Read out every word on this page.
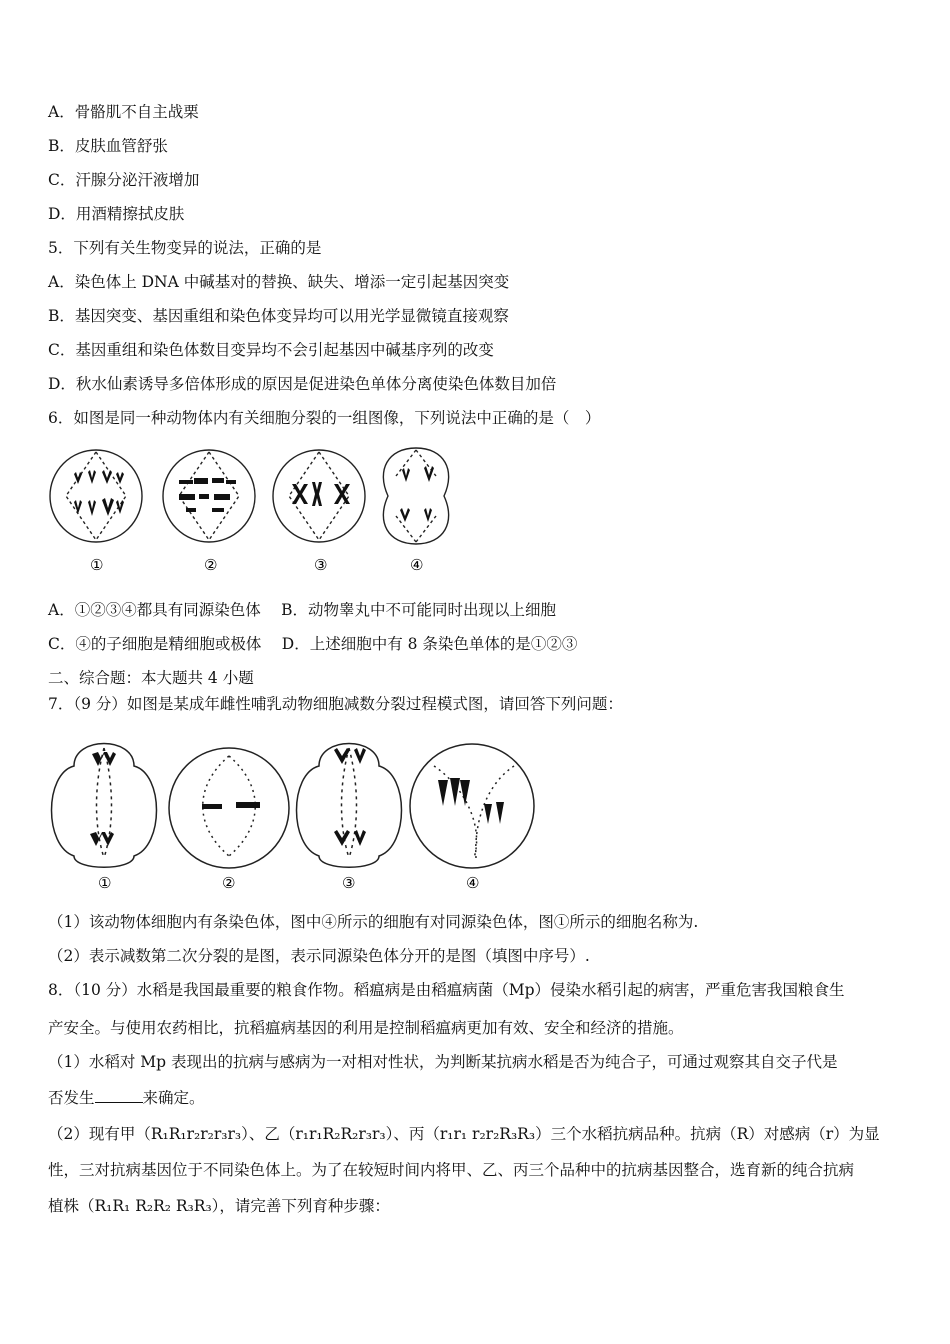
A．骨骼肌不自主战栗
B．皮肤血管舒张
C．汗腺分泌汗液增加
D．用酒精擦拭皮肤
5．下列有关生物变异的说法，正确的是
A．染色体上 DNA 中碱基对的替换、缺失、增添一定引起基因突变
B．基因突变、基因重组和染色体变异均可以用光学显微镜直接观察
C．基因重组和染色体数目变异均不会引起基因中碱基序列的改变
D．秋水仙素诱导多倍体形成的原因是促进染色单体分离使染色体数目加倍
6．如图是同一种动物体内有关细胞分裂的一组图像，下列说法中正确的是（　）
①	②	③	④
A．①②③④都具有同源染色体　 B．动物睾丸中不可能同时出现以上细胞
C．④的子细胞是精细胞或极体　 D．上述细胞中有 8 条染色单体的是①②③
二、综合题：本大题共 4 小题
7．（9 分）如图是某成年雌性哺乳动物细胞减数分裂过程模式图，请回答下列问题：
①	②	③	④
（1）该动物体细胞内有条染色体，图中④所示的细胞有对同源染色体，图①所示的细胞名称为.
（2）表示减数第二次分裂的是图，表示同源染色体分开的是图（填图中序号）.
8．（10 分）水稻是我国最重要的粮食作物。稻瘟病是由稻瘟病菌（Mp）侵染水稻引起的病害，严重危害我国粮食生
产安全。与使用农药相比，抗稻瘟病基因的利用是控制稻瘟病更加有效、安全和经济的措施。
（1）水稻对 Mp 表现出的抗病与感病为一对相对性状，为判断某抗病水稻是否为纯合子，可通过观察其自交子代是
否发生	来确定。
（2）现有甲（R₁R₁r₂r₂r₃r₃）、乙（r₁r₁R₂R₂r₃r₃）、丙（r₁r₁ r₂r₂R₃R₃）三个水稻抗病品种。抗病（R）对感病（r）为显
性，三对抗病基因位于不同染色体上。为了在较短时间内将甲、乙、丙三个品种中的抗病基因整合，选育新的纯合抗病
植株（R₁R₁ R₂R₂ R₃R₃），请完善下列育种步骤：
